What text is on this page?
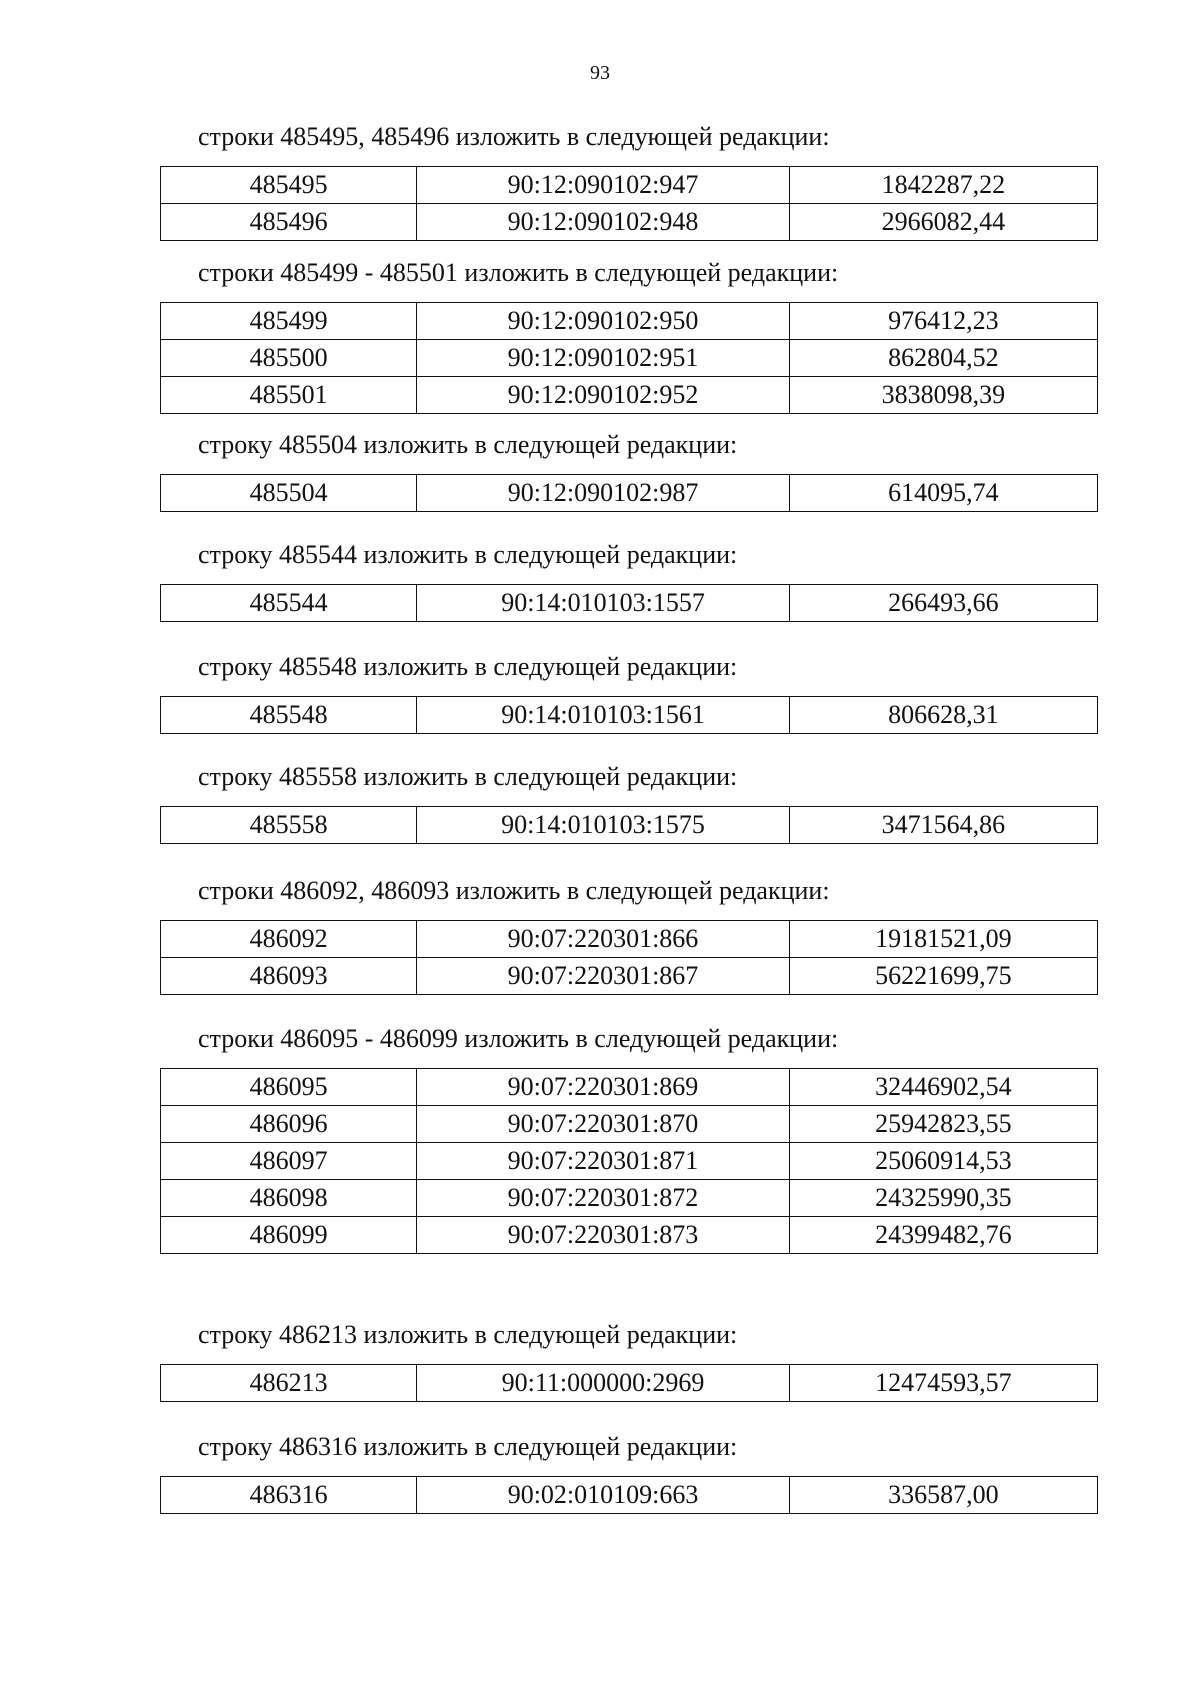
93
строки 485495, 485496 изложить в следующей редакции:
485495	90:12:090102:947	1842287,22
485496	90:12:090102:948	2966082,44
строки 485499 - 485501 изложить в следующей редакции:
485499	90:12:090102:950	976412,23
485500	90:12:090102:951	862804,52
485501	90:12:090102:952	3838098,39
строку 485504 изложить в следующей редакции:
485504	90:12:090102:987	614095,74
строку 485544 изложить в следующей редакции:
485544	90:14:010103:1557	266493,66
строку 485548 изложить в следующей редакции:
485548	90:14:010103:1561	806628,31
строку 485558 изложить в следующей редакции:
485558	90:14:010103:1575	3471564,86
строки 486092, 486093 изложить в следующей редакции:
486092	90:07:220301:866	19181521,09
486093	90:07:220301:867	56221699,75
строки 486095 - 486099 изложить в следующей редакции:
486095	90:07:220301:869	32446902,54
486096	90:07:220301:870	25942823,55
486097	90:07:220301:871	25060914,53
486098	90:07:220301:872	24325990,35
486099	90:07:220301:873	24399482,76
строку 486213 изложить в следующей редакции:
486213	90:11:000000:2969	12474593,57
строку 486316 изложить в следующей редакции:
486316	90:02:010109:663	336587,00
